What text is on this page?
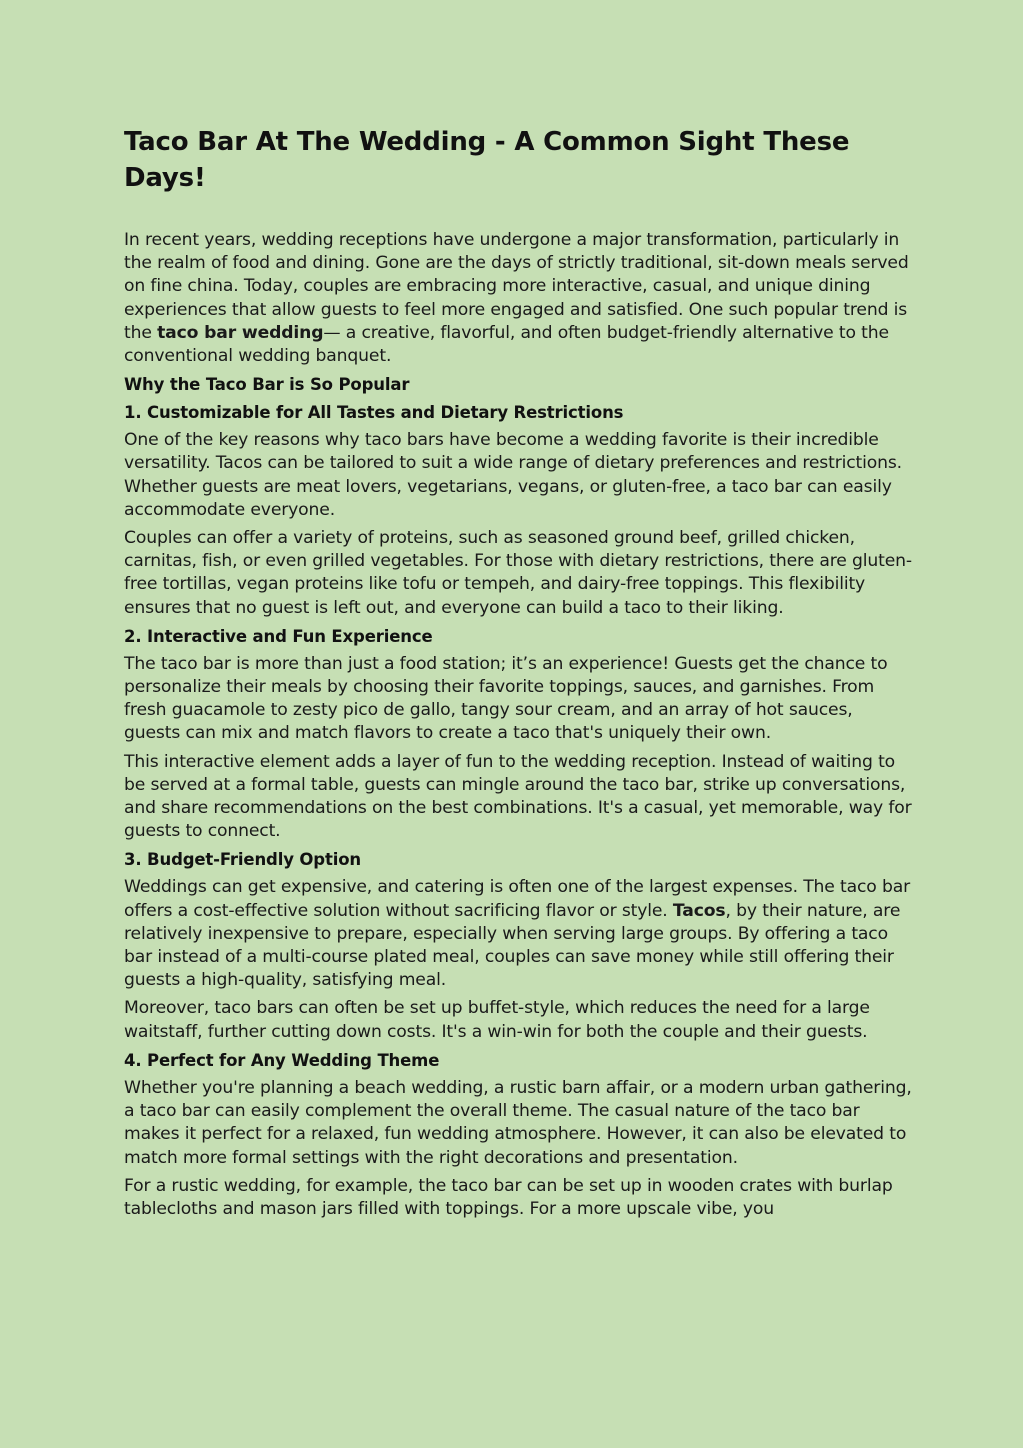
Taco Bar At The Wedding - A Common Sight These Days!

In recent years, wedding receptions have undergone a major transformation, particularly in the realm of food and dining. Gone are the days of strictly traditional, sit-down meals served on fine china. Today, couples are embracing more interactive, casual, and unique dining experiences that allow guests to feel more engaged and satisfied. One such popular trend is the taco bar wedding— a creative, flavorful, and often budget-friendly alternative to the conventional wedding banquet.

Why the Taco Bar is So Popular
1. Customizable for All Tastes and Dietary Restrictions

One of the key reasons why taco bars have become a wedding favorite is their incredible versatility. Tacos can be tailored to suit a wide range of dietary preferences and restrictions. Whether guests are meat lovers, vegetarians, vegans, or gluten-free, a taco bar can easily accommodate everyone.

Couples can offer a variety of proteins, such as seasoned ground beef, grilled chicken, carnitas, fish, or even grilled vegetables. For those with dietary restrictions, there are gluten-free tortillas, vegan proteins like tofu or tempeh, and dairy-free toppings. This flexibility ensures that no guest is left out, and everyone can build a taco to their liking.

2. Interactive and Fun Experience

The taco bar is more than just a food station; it’s an experience! Guests get the chance to personalize their meals by choosing their favorite toppings, sauces, and garnishes. From fresh guacamole to zesty pico de gallo, tangy sour cream, and an array of hot sauces, guests can mix and match flavors to create a taco that's uniquely their own.

This interactive element adds a layer of fun to the wedding reception. Instead of waiting to be served at a formal table, guests can mingle around the taco bar, strike up conversations, and share recommendations on the best combinations. It's a casual, yet memorable, way for guests to connect.

3. Budget-Friendly Option

Weddings can get expensive, and catering is often one of the largest expenses. The taco bar offers a cost-effective solution without sacrificing flavor or style. Tacos, by their nature, are relatively inexpensive to prepare, especially when serving large groups. By offering a taco bar instead of a multi-course plated meal, couples can save money while still offering their guests a high-quality, satisfying meal.

Moreover, taco bars can often be set up buffet-style, which reduces the need for a large waitstaff, further cutting down costs. It's a win-win for both the couple and their guests.

4. Perfect for Any Wedding Theme

Whether you're planning a beach wedding, a rustic barn affair, or a modern urban gathering, a taco bar can easily complement the overall theme. The casual nature of the taco bar makes it perfect for a relaxed, fun wedding atmosphere. However, it can also be elevated to match more formal settings with the right decorations and presentation.

For a rustic wedding, for example, the taco bar can be set up in wooden crates with burlap tablecloths and mason jars filled with toppings. For a more upscale vibe, you
